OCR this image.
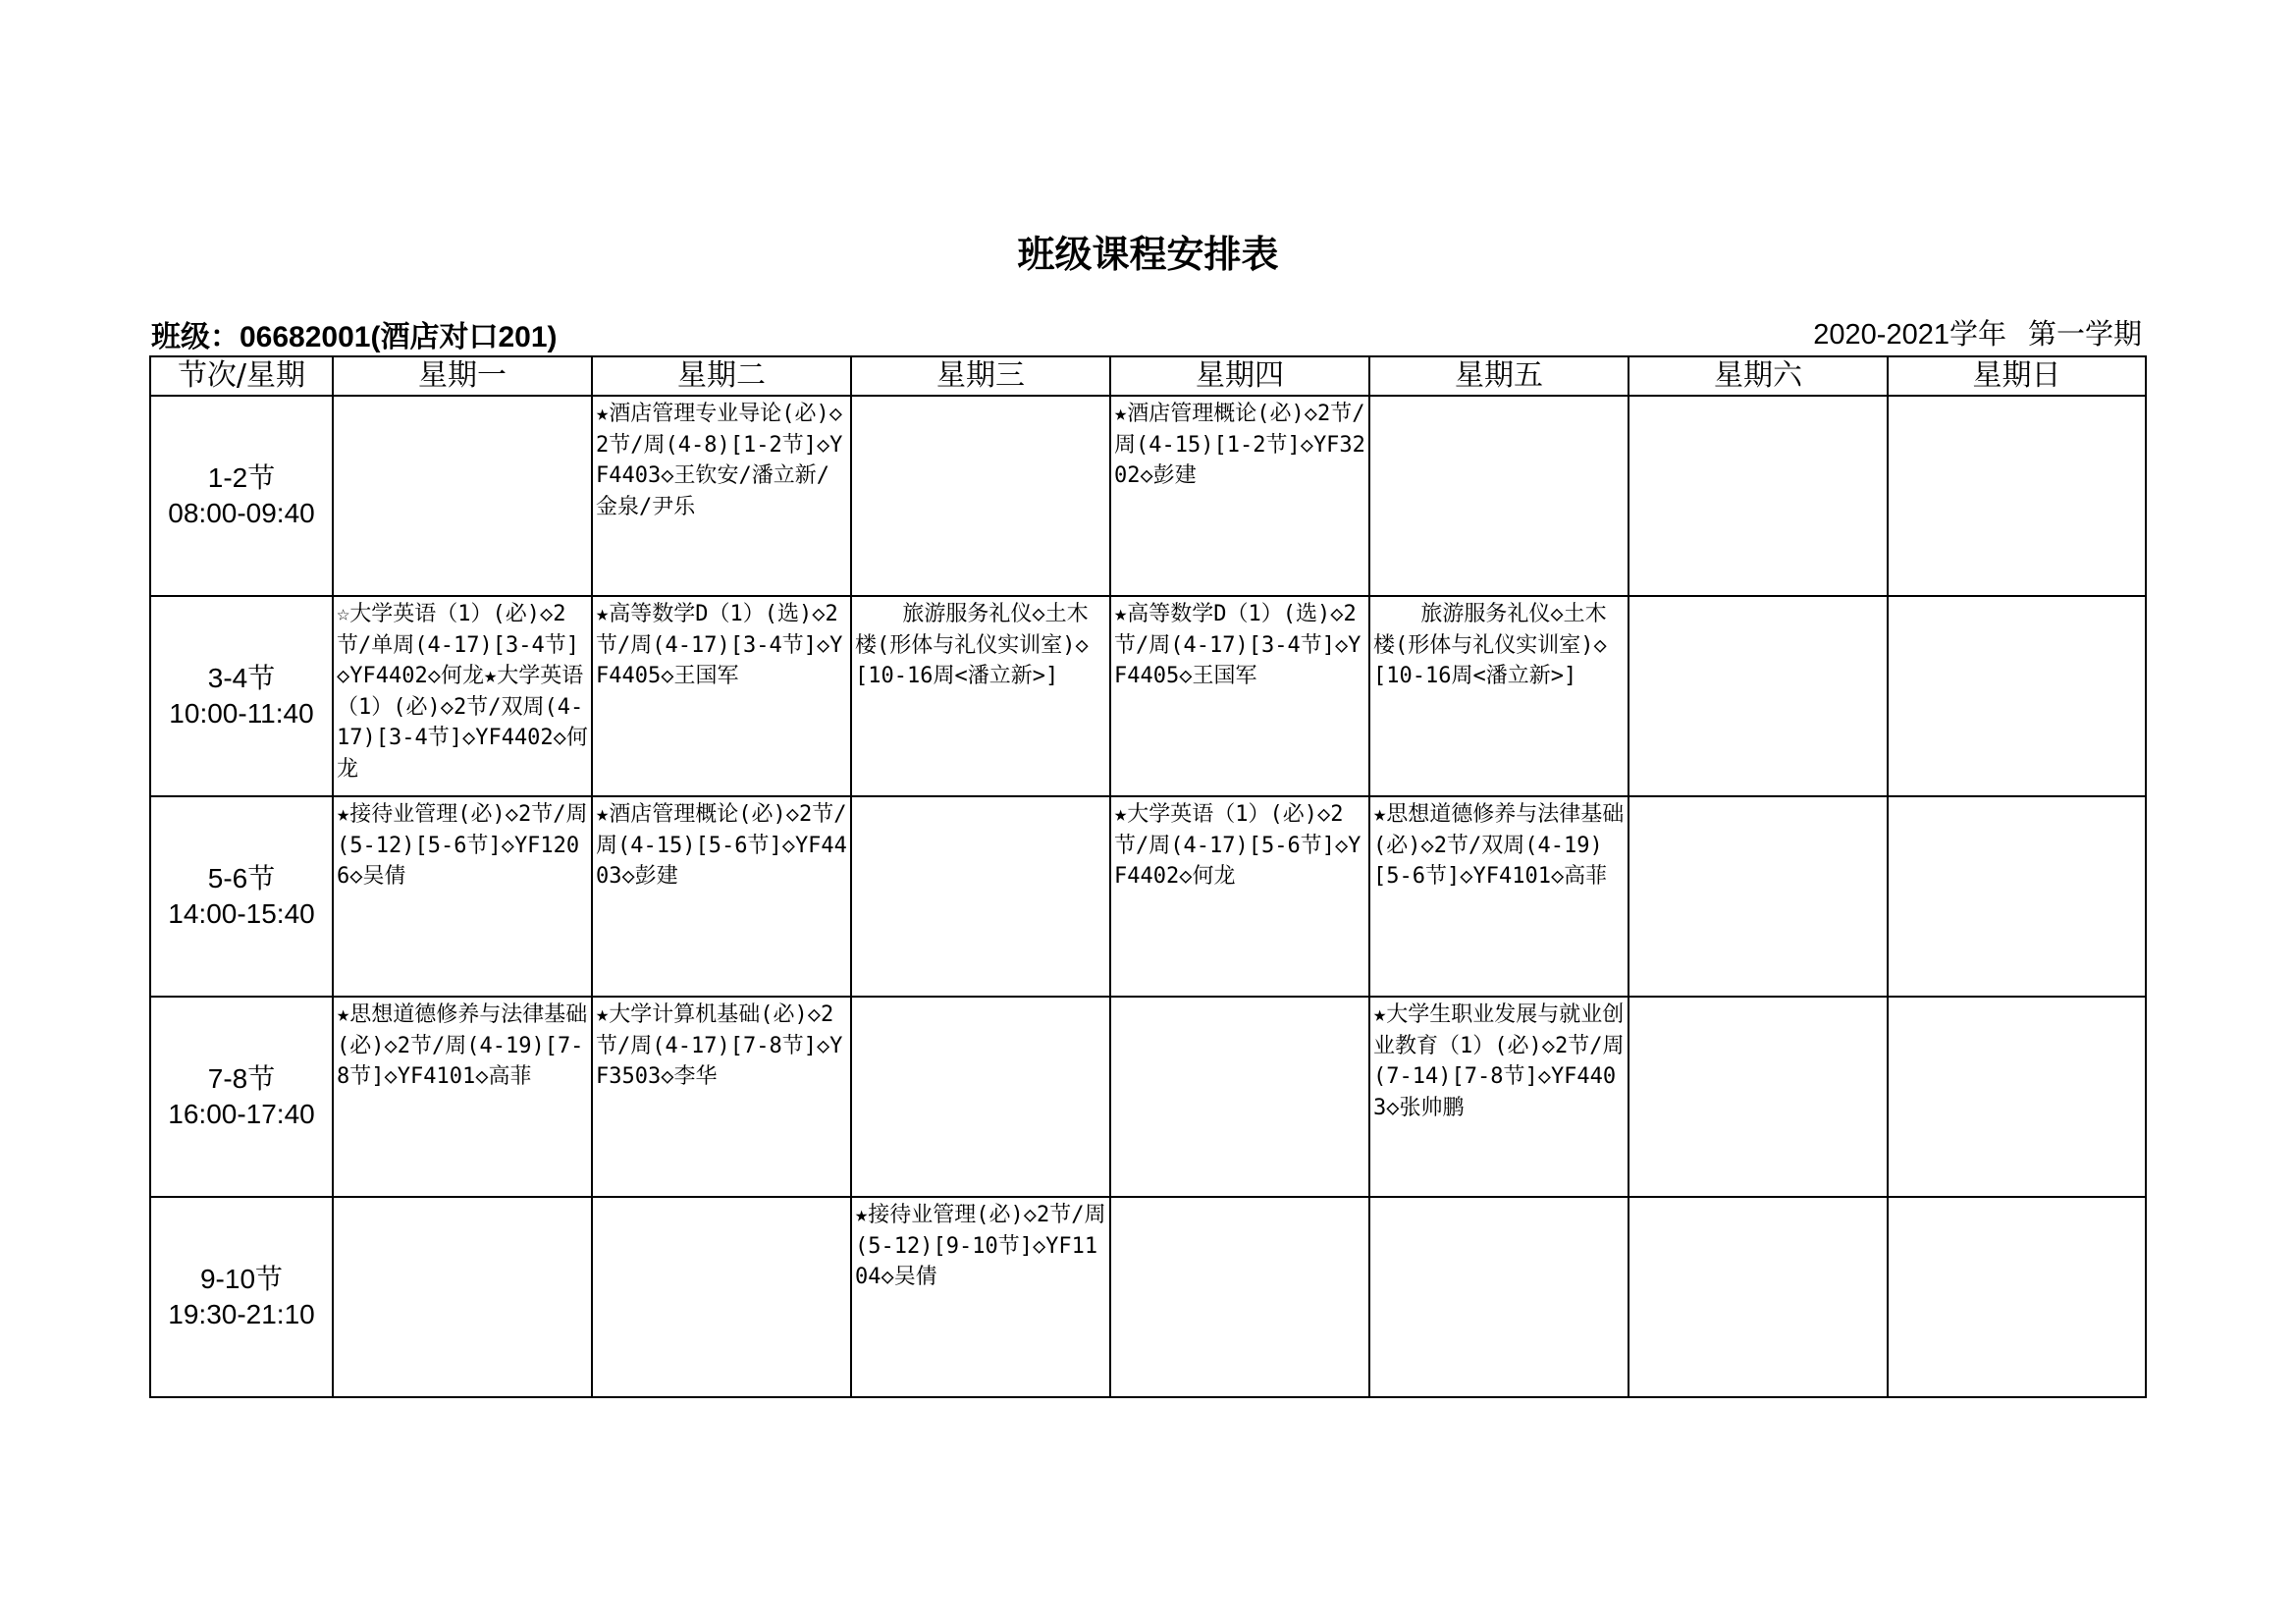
班级课程安排表
班级：06682001(酒店对口201)	2020-2021学年 第一学期
节次/星期	星期一	星期二	星期三	星期四	星期五	星期六	星期日

1-2节
08:00-09:40		★酒店管理专业导论(必)◇2节/周(4-8)[1-2节]◇YF4403◇王钦安/潘立新/金泉/尹乐		★酒店管理概论(必)◇2节/周(4-15)[1-2节]◇YF3202◇彭建			

3-4节
10:00-11:40	☆大学英语（1）(必)◇2节/单周(4-17)[3-4节]◇YF4402◇何龙★大学英语（1）(必)◇2节/双周(4-17)[3-4节]◇YF4402◇何龙	★高等数学D（1）(选)◇2节/周(4-17)[3-4节]◇YF4405◇王国军	旅游服务礼仪◇土木楼(形体与礼仪实训室)◇[10-16周<潘立新>]	★高等数学D（1）(选)◇2节/周(4-17)[3-4节]◇YF4405◇王国军	旅游服务礼仪◇土木楼(形体与礼仪实训室)◇[10-16周<潘立新>]		

5-6节
14:00-15:40	★接待业管理(必)◇2节/周(5-12)[5-6节]◇YF1206◇吴倩	★酒店管理概论(必)◇2节/周(4-15)[5-6节]◇YF4403◇彭建		★大学英语（1）(必)◇2节/周(4-17)[5-6节]◇YF4402◇何龙	★思想道德修养与法律基础(必)◇2节/双周(4-19)[5-6节]◇YF4101◇高菲		

7-8节
16:00-17:40	★思想道德修养与法律基础(必)◇2节/周(4-19)[7-8节]◇YF4101◇高菲	★大学计算机基础(必)◇2节/周(4-17)[7-8节]◇YF3503◇李华			★大学生职业发展与就业创业教育（1）(必)◇2节/周(7-14)[7-8节]◇YF4403◇张帅鹏		

9-10节
19:30-21:10			★接待业管理(必)◇2节/周(5-12)[9-10节]◇YF1104◇吴倩				
